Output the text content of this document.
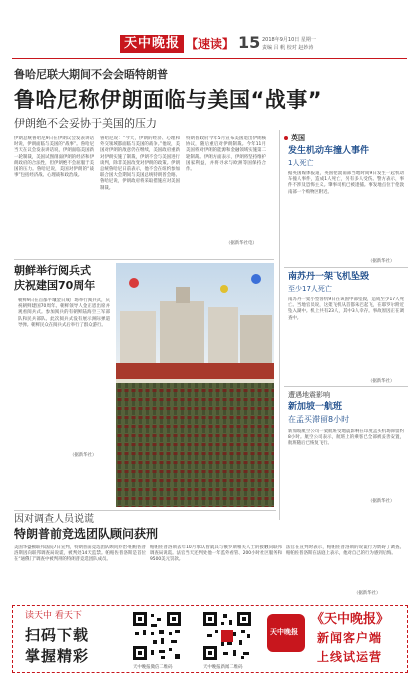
天中晚报 【速读】 15 2018年9月10日 星期一
责编 吕 帆 校对 赵妙涛
鲁哈尼联大期间不会会晤特朗普
鲁哈尼称伊朗面临与美国“战事”
伊朗绝不会妥协于美国的压力
伊朗总统鲁哈尼9日在伊朗议会发表讲话时说，伊朗面临与美国的“战事”。鲁哈尼当天在议会发表讲话说，伊朗面临美国新一轮制裁，美国试图削弱伊朗的经济和伊朗政府的合法性，但伊朗绝不会屈服于美国的压力。鲁哈尼说，美国对伊朗的“战事”包括经济战、心理战和政治战。
鲁哈尼说：“今天，伊朗的经济、心理和外交领域都面临与美国的战争。”他说，美国对伊朗的敌意仍在继续，美国政府重新对伊朗实施了制裁，伊朗不会与美国进行谈判，除非美国改变对伊朗的政策。伊朗总统鲁哈尼日前表示，他不会在纽约参加联合国大会期间与美国总统特朗普会晤。鲁哈尼说，伊朗政府将采取措施应对美国制裁。
特朗普政府今年5月宣布美国退出伊朗核协议，随后重启对伊朗制裁。今年11月美国将对伊朗的能源和金融领域实施第二轮制裁。伊朗方面表示，伊朗将坚持维护国家利益，并将寻求与欧洲等国保持合作。
（据新华社电）
朝鲜举行阅兵式
庆祝建国70周年
朝鲜9日在首都平壤金日成广场举行阅兵式，庆祝朝鲜建国70周年。朝鲜领导人金正恩出席并观看阅兵式。参加阅兵的有朝鲜陆海空三军部队和民兵部队。此次阅兵式没有展示洲际弹道导弹。朝鲜民众在阅兵式后举行了群众游行。
（据新华社）
因对调查人员说谎
特朗普前竞选团队顾问获刑
美国华盛顿联邦法院7日宣判，特朗普前竞选团队顾问乔治·帕帕佐普洛斯因向联邦调查局说谎，被判处14天监禁。帕帕佐普洛斯是首位在“通俄门”调查中被判刑的特朗普竞选团队成员。
帕帕佐普洛斯去年10月承认曾就其与俄罗斯相关人士的接触向联邦调查局说谎。法官当天还判处他一年监外看管、200小时社区服务和9500美元罚款。
法官在宣判时表示，帕帕佐普洛斯的说谎行为妨碍了调查。帕帕佐普洛斯在法庭上表示，他对自己的行为感到后悔。
（据新华社）
英国
发生机动车撞人事件
1人死亡
据英国媒体报道，英国伦敦南部当地时间9日发生一起机动车撞人事件，造成1人死亡，另有多人受伤。警方表示，事件不涉及恐怖主义。肇事司机已被逮捕。事发地点位于伦敦南部一个购物区附近。
（据新华社）
南苏丹一架飞机坠毁
至少17人死亡
南苏丹一架小型客机9日在该国中部坠毁，造成至少17人死亡。当地官员说，这架飞机从首都朱巴起飞，在耶罗尔附近坠入湖中。机上共有23人，其中3人幸存。事故原因正在调查中。
（据新华社）
遭遇地震影响
新加坡一航班
在孟买滞留8小时
新加坡航空公司一架航班受地震影响在印度孟买机场滞留约8小时。航空公司表示，航班上的乘客已全部被妥善安置，航班随后已恢复飞行。
（据新华社）
读天中 看天下
扫码下载
掌握精彩
天中晚报微信二维码	天中晚报新闻二维码
天中晚报
《天中晚报》
新闻客户端
上线试运营
